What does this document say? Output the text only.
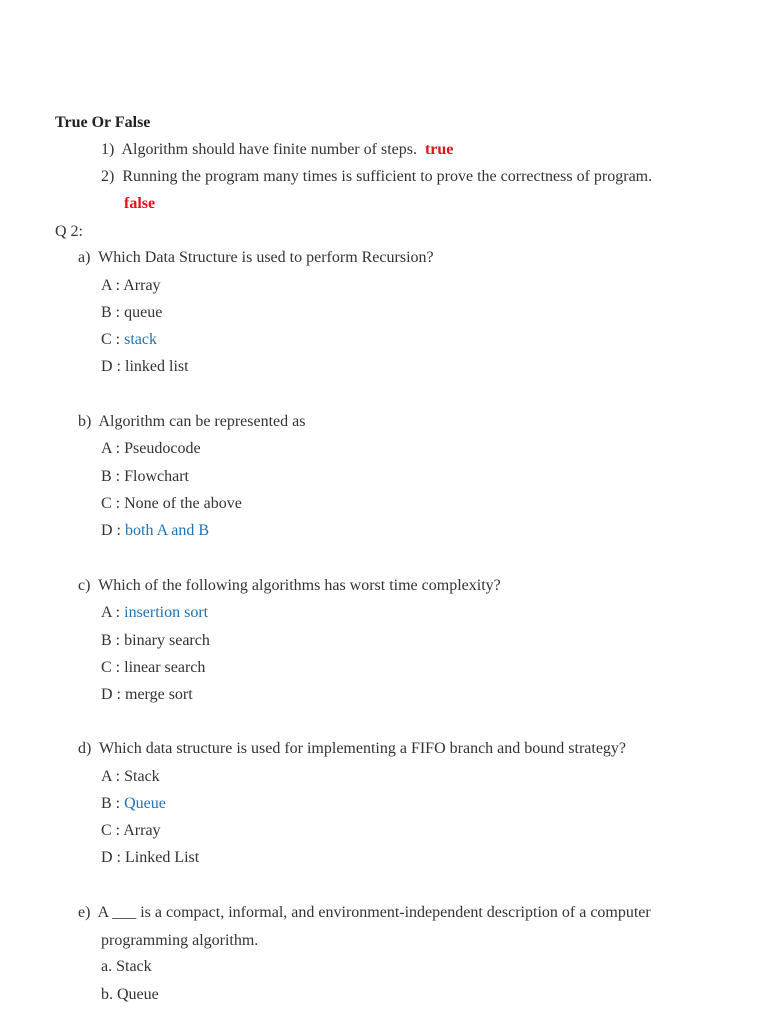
True Or False
1) Algorithm should have finite number of steps. true
2) Running the program many times is sufficient to prove the correctness of program.
false
Q 2:
a) Which Data Structure is used to perform Recursion?
A : Array
B : queue
C : stack
D : linked list
b) Algorithm can be represented as
A : Pseudocode
B : Flowchart
C : None of the above
D : both A and B
c) Which of the following algorithms has worst time complexity?
A : insertion sort
B : binary search
C : linear search
D : merge sort
d) Which data structure is used for implementing a FIFO branch and bound strategy?
A : Stack
B : Queue
C : Array
D : Linked List
e) A ___ is a compact, informal, and environment-independent description of a computer
programming algorithm.
a. Stack
b. Queue
